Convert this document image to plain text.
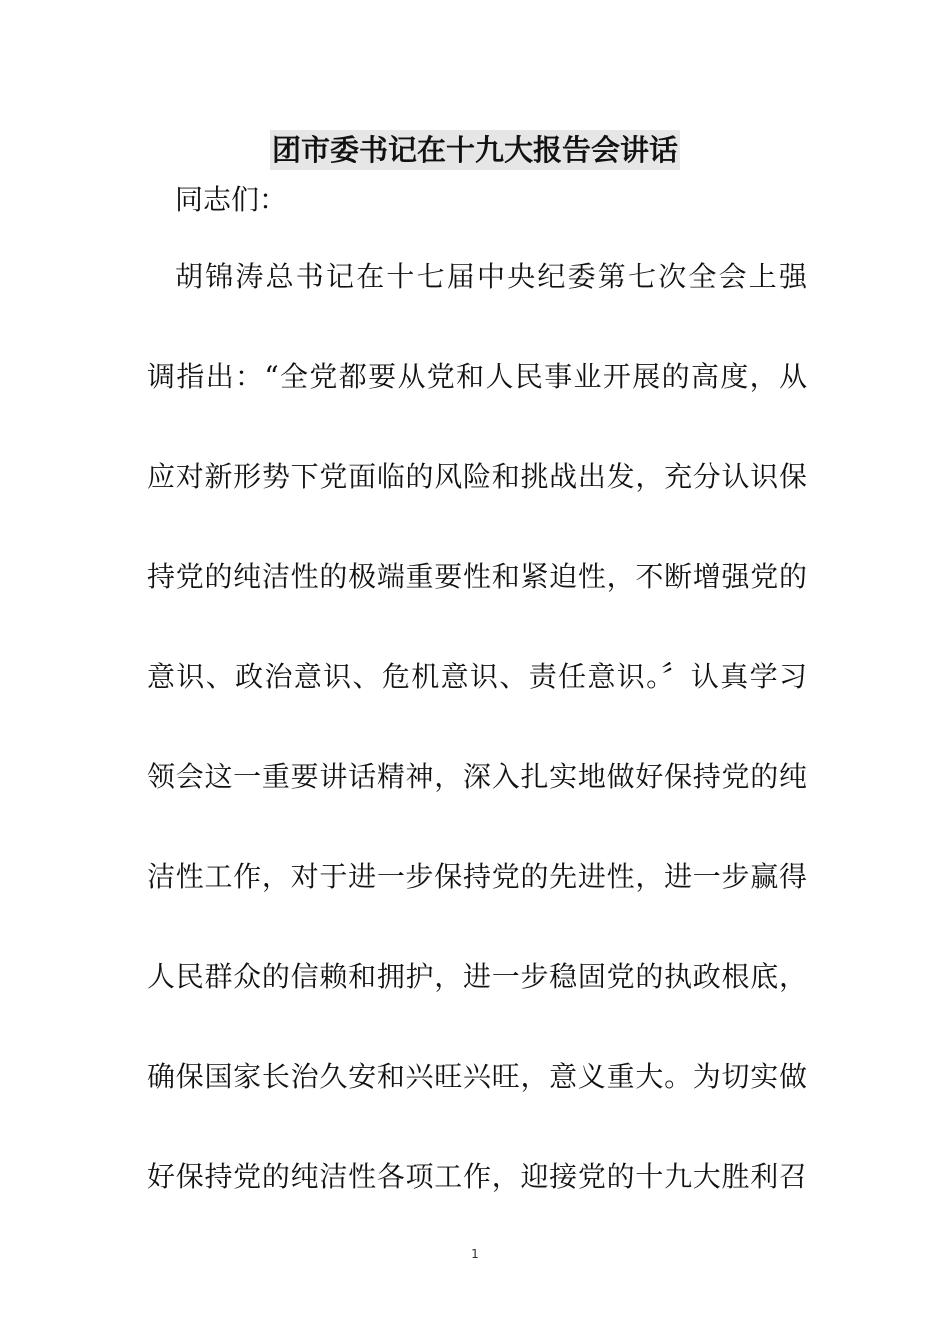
团市委书记在十九大报告会讲话

同志们：

胡锦涛总书记在十七届中央纪委第七次全会上强

调指出：“全党都要从党和人民事业开展的高度，从

应对新形势下党面临的风险和挑战出发，充分认识保

持党的纯洁性的极端重要性和紧迫性，不断增强党的

意识、政治意识、危机意识、责任意识。〞认真学习

领会这一重要讲话精神，深入扎实地做好保持党的纯

洁性工作，对于进一步保持党的先进性，进一步赢得

人民群众的信赖和拥护，进一步稳固党的执政根底，

确保国家长治久安和兴旺兴旺，意义重大。为切实做

好保持党的纯洁性各项工作，迎接党的十九大胜利召

1
